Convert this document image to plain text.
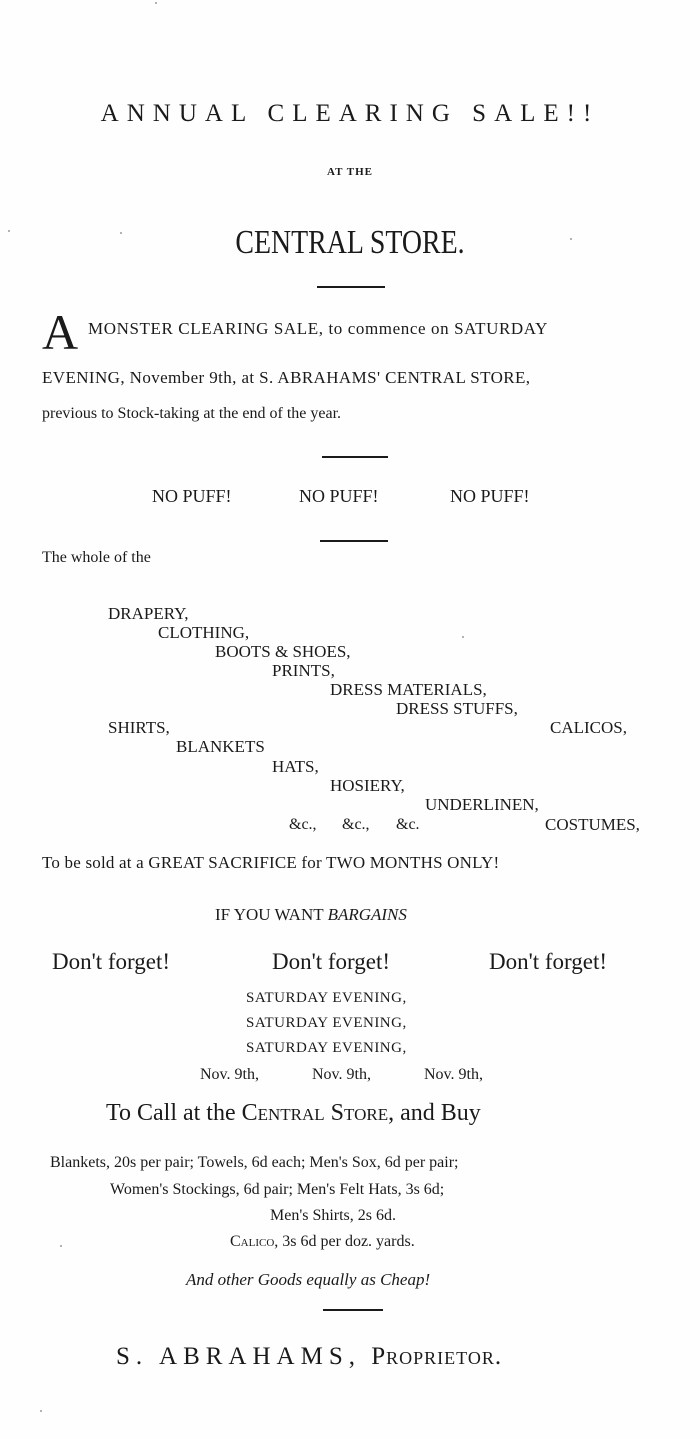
ANNUAL CLEARING SALE!!
AT THE
CENTRAL STORE.
A MONSTER CLEARING SALE, to commence on SATURDAY
EVENING, November 9th, at S. ABRAHAMS' CENTRAL STORE,
previous to Stock-taking at the end of the year.
NO PUFF!	NO PUFF!	NO PUFF!
The whole of the
DRAPERY,
CLOTHING,
BOOTS & SHOES,
PRINTS,
DRESS MATERIALS,
DRESS STUFFS,
SHIRTS,	CALICOS,
BLANKETS
HATS,
HOSIERY,
UNDERLINEN,
&c., &c., &c.	COSTUMES,
To be sold at a GREAT SACRIFICE for TWO MONTHS ONLY!
IF YOU WANT BARGAINS
Don't forget!	Don't forget!	Don't forget!
SATURDAY EVENING,
SATURDAY EVENING,
SATURDAY EVENING,
Nov. 9th,	Nov. 9th,	Nov. 9th,
To Call at the Central Store, and Buy
Blankets, 20s per pair; Towels, 6d each; Men's Sox, 6d per pair;
Women's Stockings, 6d pair; Men's Felt Hats, 3s 6d;
Men's Shirts, 2s 6d.
Calico, 3s 6d per doz. yards.
And other Goods equally as Cheap!
S. ABRAHAMS, Proprietor.
